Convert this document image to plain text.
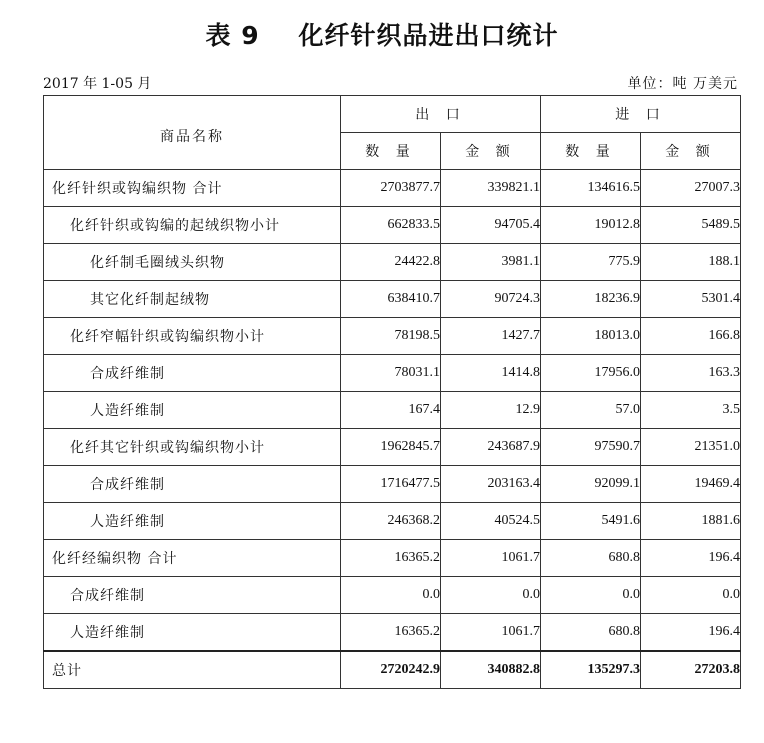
表 9    化纤针织品进出口统计
2017 年 1-05 月	单位：吨 万美元
商品名称	出 口		进 口	
	数 量	金 额	数 量	金 额
化纤针织或钩编织物 合计	2703877.7	339821.1	134616.5	27007.3
化纤针织或钩编的起绒织物小计	662833.5	94705.4	19012.8	5489.5
化纤制毛圈绒头织物	24422.8	3981.1	775.9	188.1
其它化纤制起绒物	638410.7	90724.3	18236.9	5301.4
化纤窄幅针织或钩编织物小计	78198.5	1427.7	18013.0	166.8
合成纤维制	78031.1	1414.8	17956.0	163.3
人造纤维制	167.4	12.9	57.0	3.5
化纤其它针织或钩编织物小计	1962845.7	243687.9	97590.7	21351.0
合成纤维制	1716477.5	203163.4	92099.1	19469.4
人造纤维制	246368.2	40524.5	5491.6	1881.6
化纤经编织物 合计	16365.2	1061.7	680.8	196.4
合成纤维制	0.0	0.0	0.0	0.0
人造纤维制	16365.2	1061.7	680.8	196.4
总计	2720242.9	340882.8	135297.3	27203.8
